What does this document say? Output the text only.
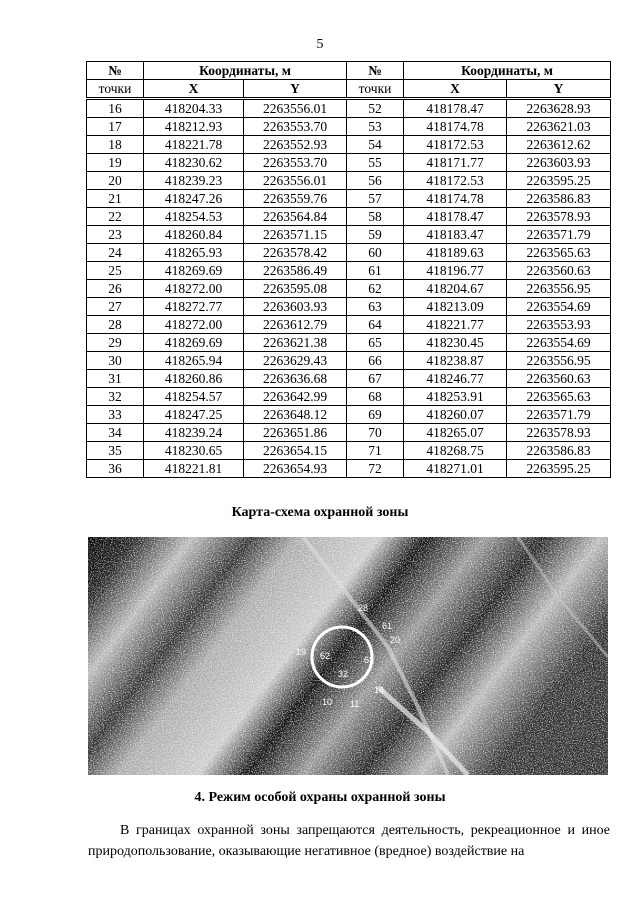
5
№	Координаты, м		№	Координаты, м	
точки	X	Y	точки	X	Y
16	418204.33	2263556.01	52	418178.47	2263628.93
17	418212.93	2263553.70	53	418174.78	2263621.03
18	418221.78	2263552.93	54	418172.53	2263612.62
19	418230.62	2263553.70	55	418171.77	2263603.93
20	418239.23	2263556.01	56	418172.53	2263595.25
21	418247.26	2263559.76	57	418174.78	2263586.83
22	418254.53	2263564.84	58	418178.47	2263578.93
23	418260.84	2263571.15	59	418183.47	2263571.79
24	418265.93	2263578.42	60	418189.63	2263565.63
25	418269.69	2263586.49	61	418196.77	2263560.63
26	418272.00	2263595.08	62	418204.67	2263556.95
27	418272.77	2263603.93	63	418213.09	2263554.69
28	418272.00	2263612.79	64	418221.77	2263553.93
29	418269.69	2263621.38	65	418230.45	2263554.69
30	418265.94	2263629.43	66	418238.87	2263556.95
31	418260.86	2263636.68	67	418246.77	2263560.63
32	418254.57	2263642.99	68	418253.91	2263565.63
33	418247.25	2263648.12	69	418260.07	2263571.79
34	418239.24	2263651.86	70	418265.07	2263578.93
35	418230.65	2263654.15	71	418268.75	2263586.83
36	418221.81	2263654.93	72	418271.01	2263595.25
Карта-схема охранной зоны
28
61
19 62	63
20
32
10 11
14
4. Режим особой охраны охранной зоны
В границах охранной зоны запрещаются деятельность, рекреационное и иное природопользование, оказывающие негативное (вредное) воздействие на
